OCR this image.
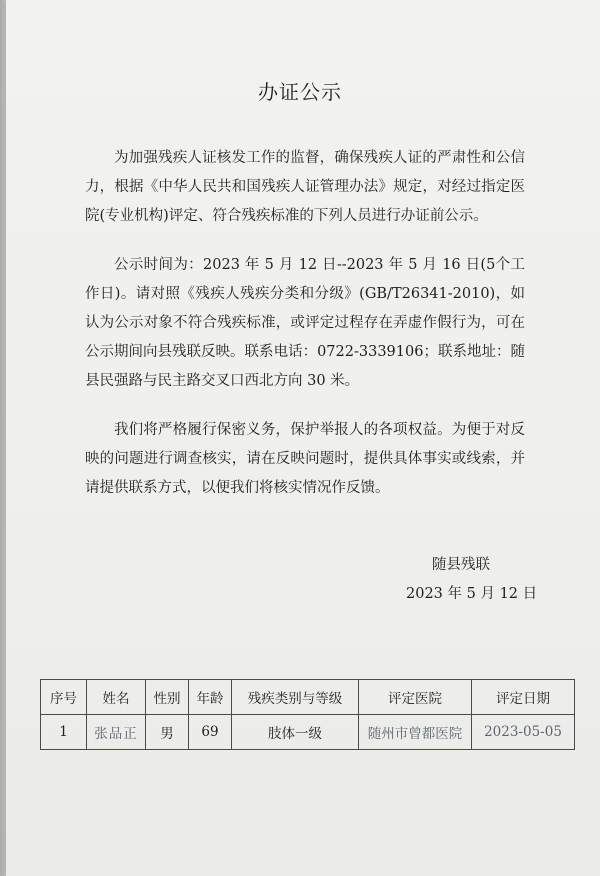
办证公示

为加强残疾人证核发工作的监督，确保残疾人证的严肃性和公信力，根据《中华人民共和国残疾人证管理办法》规定，对经过指定医院(专业机构)评定、符合残疾标准的下列人员进行办证前公示。

公示时间为：2023 年 5 月 12 日--2023 年 5 月 16 日(5个工作日)。请对照《残疾人残疾分类和分级》(GB/T26341-2010)，如认为公示对象不符合残疾标准，或评定过程存在弄虚作假行为，可在公示期间向县残联反映。联系电话：0722-3339106；联系地址：随县民强路与民主路交叉口西北方向 30 米。

我们将严格履行保密义务，保护举报人的各项权益。为便于对反映的问题进行调查核实，请在反映问题时，提供具体事实或线索，并请提供联系方式，以便我们将核实情况作反馈。

随县残联
2023 年 5 月 12 日
序号	姓名	性别	年龄	残疾类别与等级	评定医院	评定日期
1	张品正	男	69	肢体一级	随州市曾都医院	2023-05-05
